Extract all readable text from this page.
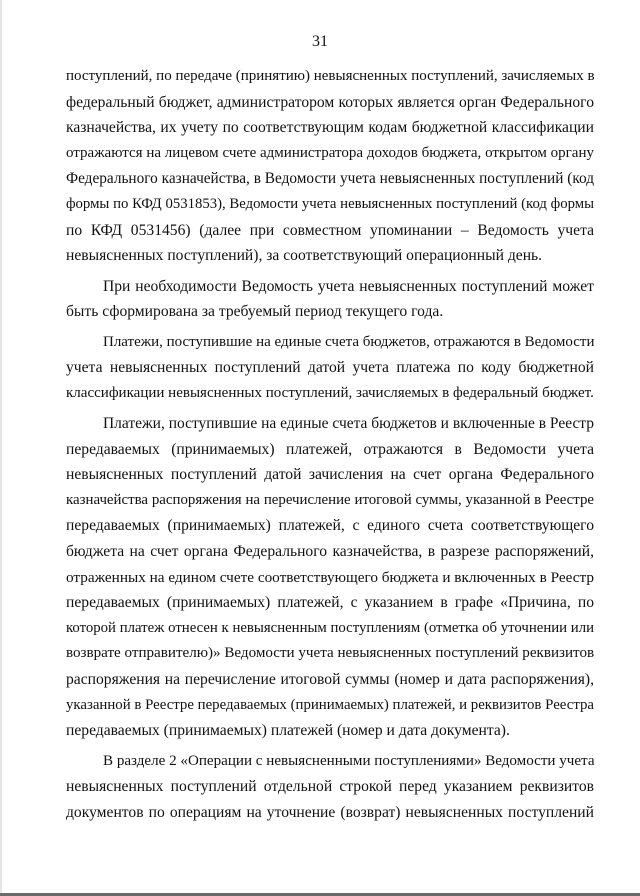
31
поступлений, по передаче (принятию) невыясненных поступлений, зачисляемых в
федеральный бюджет, администратором которых является орган Федерального
казначейства, их учету по соответствующим кодам бюджетной классификации
отражаются на лицевом счете администратора доходов бюджета, открытом органу
Федерального казначейства, в Ведомости учета невыясненных поступлений (код
формы по КФД 0531853), Ведомости учета невыясненных поступлений (код формы
по КФД 0531456) (далее при совместном упоминании – Ведомость учета
невыясненных поступлений), за соответствующий операционный день.
При необходимости Ведомость учета невыясненных поступлений может
быть сформирована за требуемый период текущего года.
Платежи, поступившие на единые счета бюджетов, отражаются в Ведомости
учета невыясненных поступлений датой учета платежа по коду бюджетной
классификации невыясненных поступлений, зачисляемых в федеральный бюджет.
Платежи, поступившие на единые счета бюджетов и включенные в Реестр
передаваемых (принимаемых) платежей, отражаются в Ведомости учета
невыясненных поступлений датой зачисления на счет органа Федерального
казначейства распоряжения на перечисление итоговой суммы, указанной в Реестре
передаваемых (принимаемых) платежей, с единого счета соответствующего
бюджета на счет органа Федерального казначейства, в разрезе распоряжений,
отраженных на едином счете соответствующего бюджета и включенных в Реестр
передаваемых (принимаемых) платежей, с указанием в графе «Причина, по
которой платеж отнесен к невыясненным поступлениям (отметка об уточнении или
возврате отправителю)» Ведомости учета невыясненных поступлений реквизитов
распоряжения на перечисление итоговой суммы (номер и дата распоряжения),
указанной в Реестре передаваемых (принимаемых) платежей, и реквизитов Реестра
передаваемых (принимаемых) платежей (номер и дата документа).
В разделе 2 «Операции с невыясненными поступлениями» Ведомости учета
невыясненных поступлений отдельной строкой перед указанием реквизитов
документов по операциям на уточнение (возврат) невыясненных поступлений
